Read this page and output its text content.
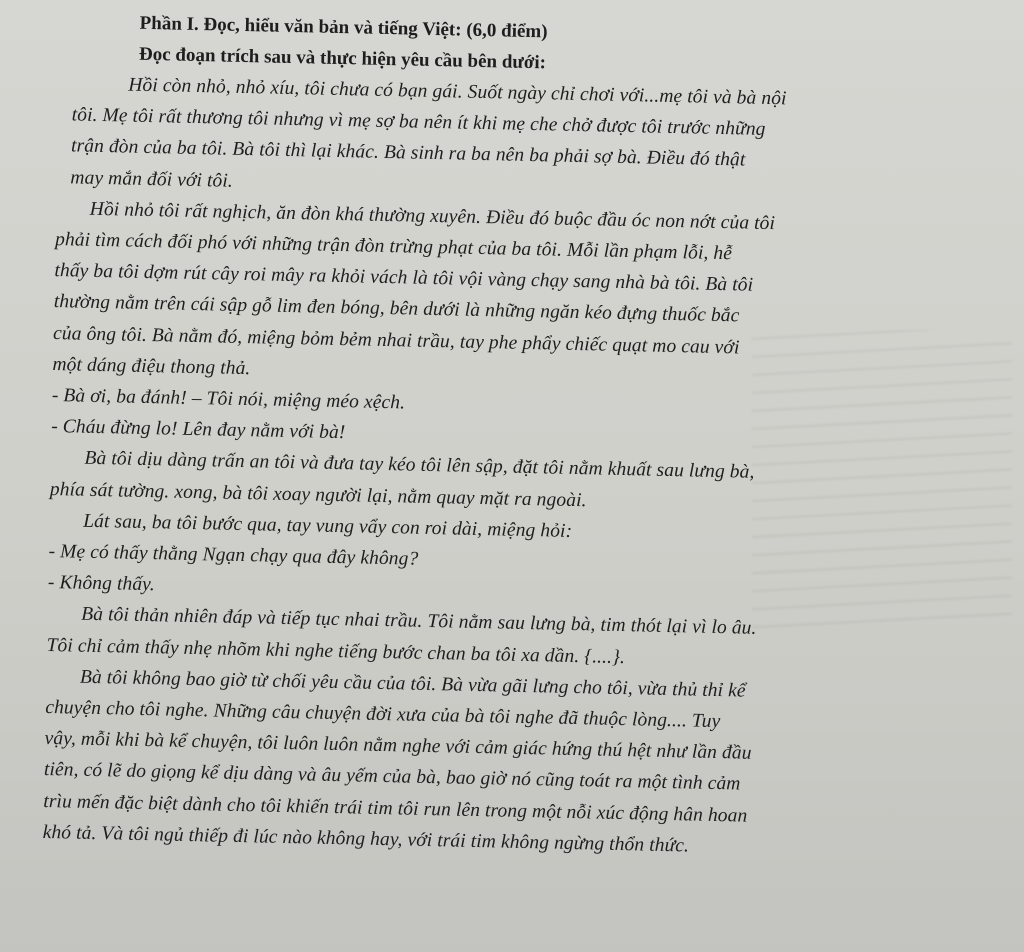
Phần I. Đọc, hiểu văn bản và tiếng Việt: (6,0 điểm)

Đọc đoạn trích sau và thực hiện yêu cầu bên dưới:

Hồi còn nhỏ, nhỏ xíu, tôi chưa có bạn gái. Suốt ngày chỉ chơi với...mẹ tôi và bà nội
tôi. Mẹ tôi rất thương tôi nhưng vì mẹ sợ ba nên ít khi mẹ che chở được tôi trước những
trận đòn của ba tôi. Bà tôi thì lại khác. Bà sinh ra ba nên ba phải sợ bà. Điều đó thật
may mắn đối với tôi.
Hồi nhỏ tôi rất nghịch, ăn đòn khá thường xuyên. Điều đó buộc đầu óc non nớt của tôi
phải tìm cách đối phó với những trận đòn trừng phạt của ba tôi. Mỗi lần phạm lỗi, hễ
thấy ba tôi dợm rút cây roi mây ra khỏi vách là tôi vội vàng chạy sang nhà bà tôi. Bà tôi
thường nằm trên cái sập gỗ lim đen bóng, bên dưới là những ngăn kéo đựng thuốc bắc
của ông tôi. Bà nằm đó, miệng bỏm bẻm nhai trầu, tay phe phẩy chiếc quạt mo cau với
một dáng điệu thong thả.
- Bà ơi, ba đánh! – Tôi nói, miệng méo xệch.
- Cháu đừng lo! Lên đay nằm với bà!
Bà tôi dịu dàng trấn an tôi và đưa tay kéo tôi lên sập, đặt tôi nằm khuất sau lưng bà,
phía sát tường. xong, bà tôi xoay người lại, nằm quay mặt ra ngoài.
Lát sau, ba tôi bước qua, tay vung vẩy con roi dài, miệng hỏi:
- Mẹ có thấy thằng Ngạn chạy qua đây không?
- Không thấy.
Bà tôi thản nhiên đáp và tiếp tục nhai trầu. Tôi nằm sau lưng bà, tim thót lại vì lo âu.
Tôi chỉ cảm thấy nhẹ nhõm khi nghe tiếng bước chan ba tôi xa dần. {....}.
Bà tôi không bao giờ từ chối yêu cầu của tôi. Bà vừa gãi lưng cho tôi, vừa thủ thỉ kể
chuyện cho tôi nghe. Những câu chuyện đời xưa của bà tôi nghe đã thuộc lòng.... Tuy
vậy, mỗi khi bà kể chuyện, tôi luôn luôn nằm nghe với cảm giác hứng thú hệt như lần đầu
tiên, có lẽ do giọng kể dịu dàng và âu yếm của bà, bao giờ nó cũng toát ra một tình cảm
trìu mến đặc biệt dành cho tôi khiến trái tim tôi run lên trong một nỗi xúc động hân hoan
khó tả. Và tôi ngủ thiếp đi lúc nào không hay, với trái tim không ngừng thổn thức.
